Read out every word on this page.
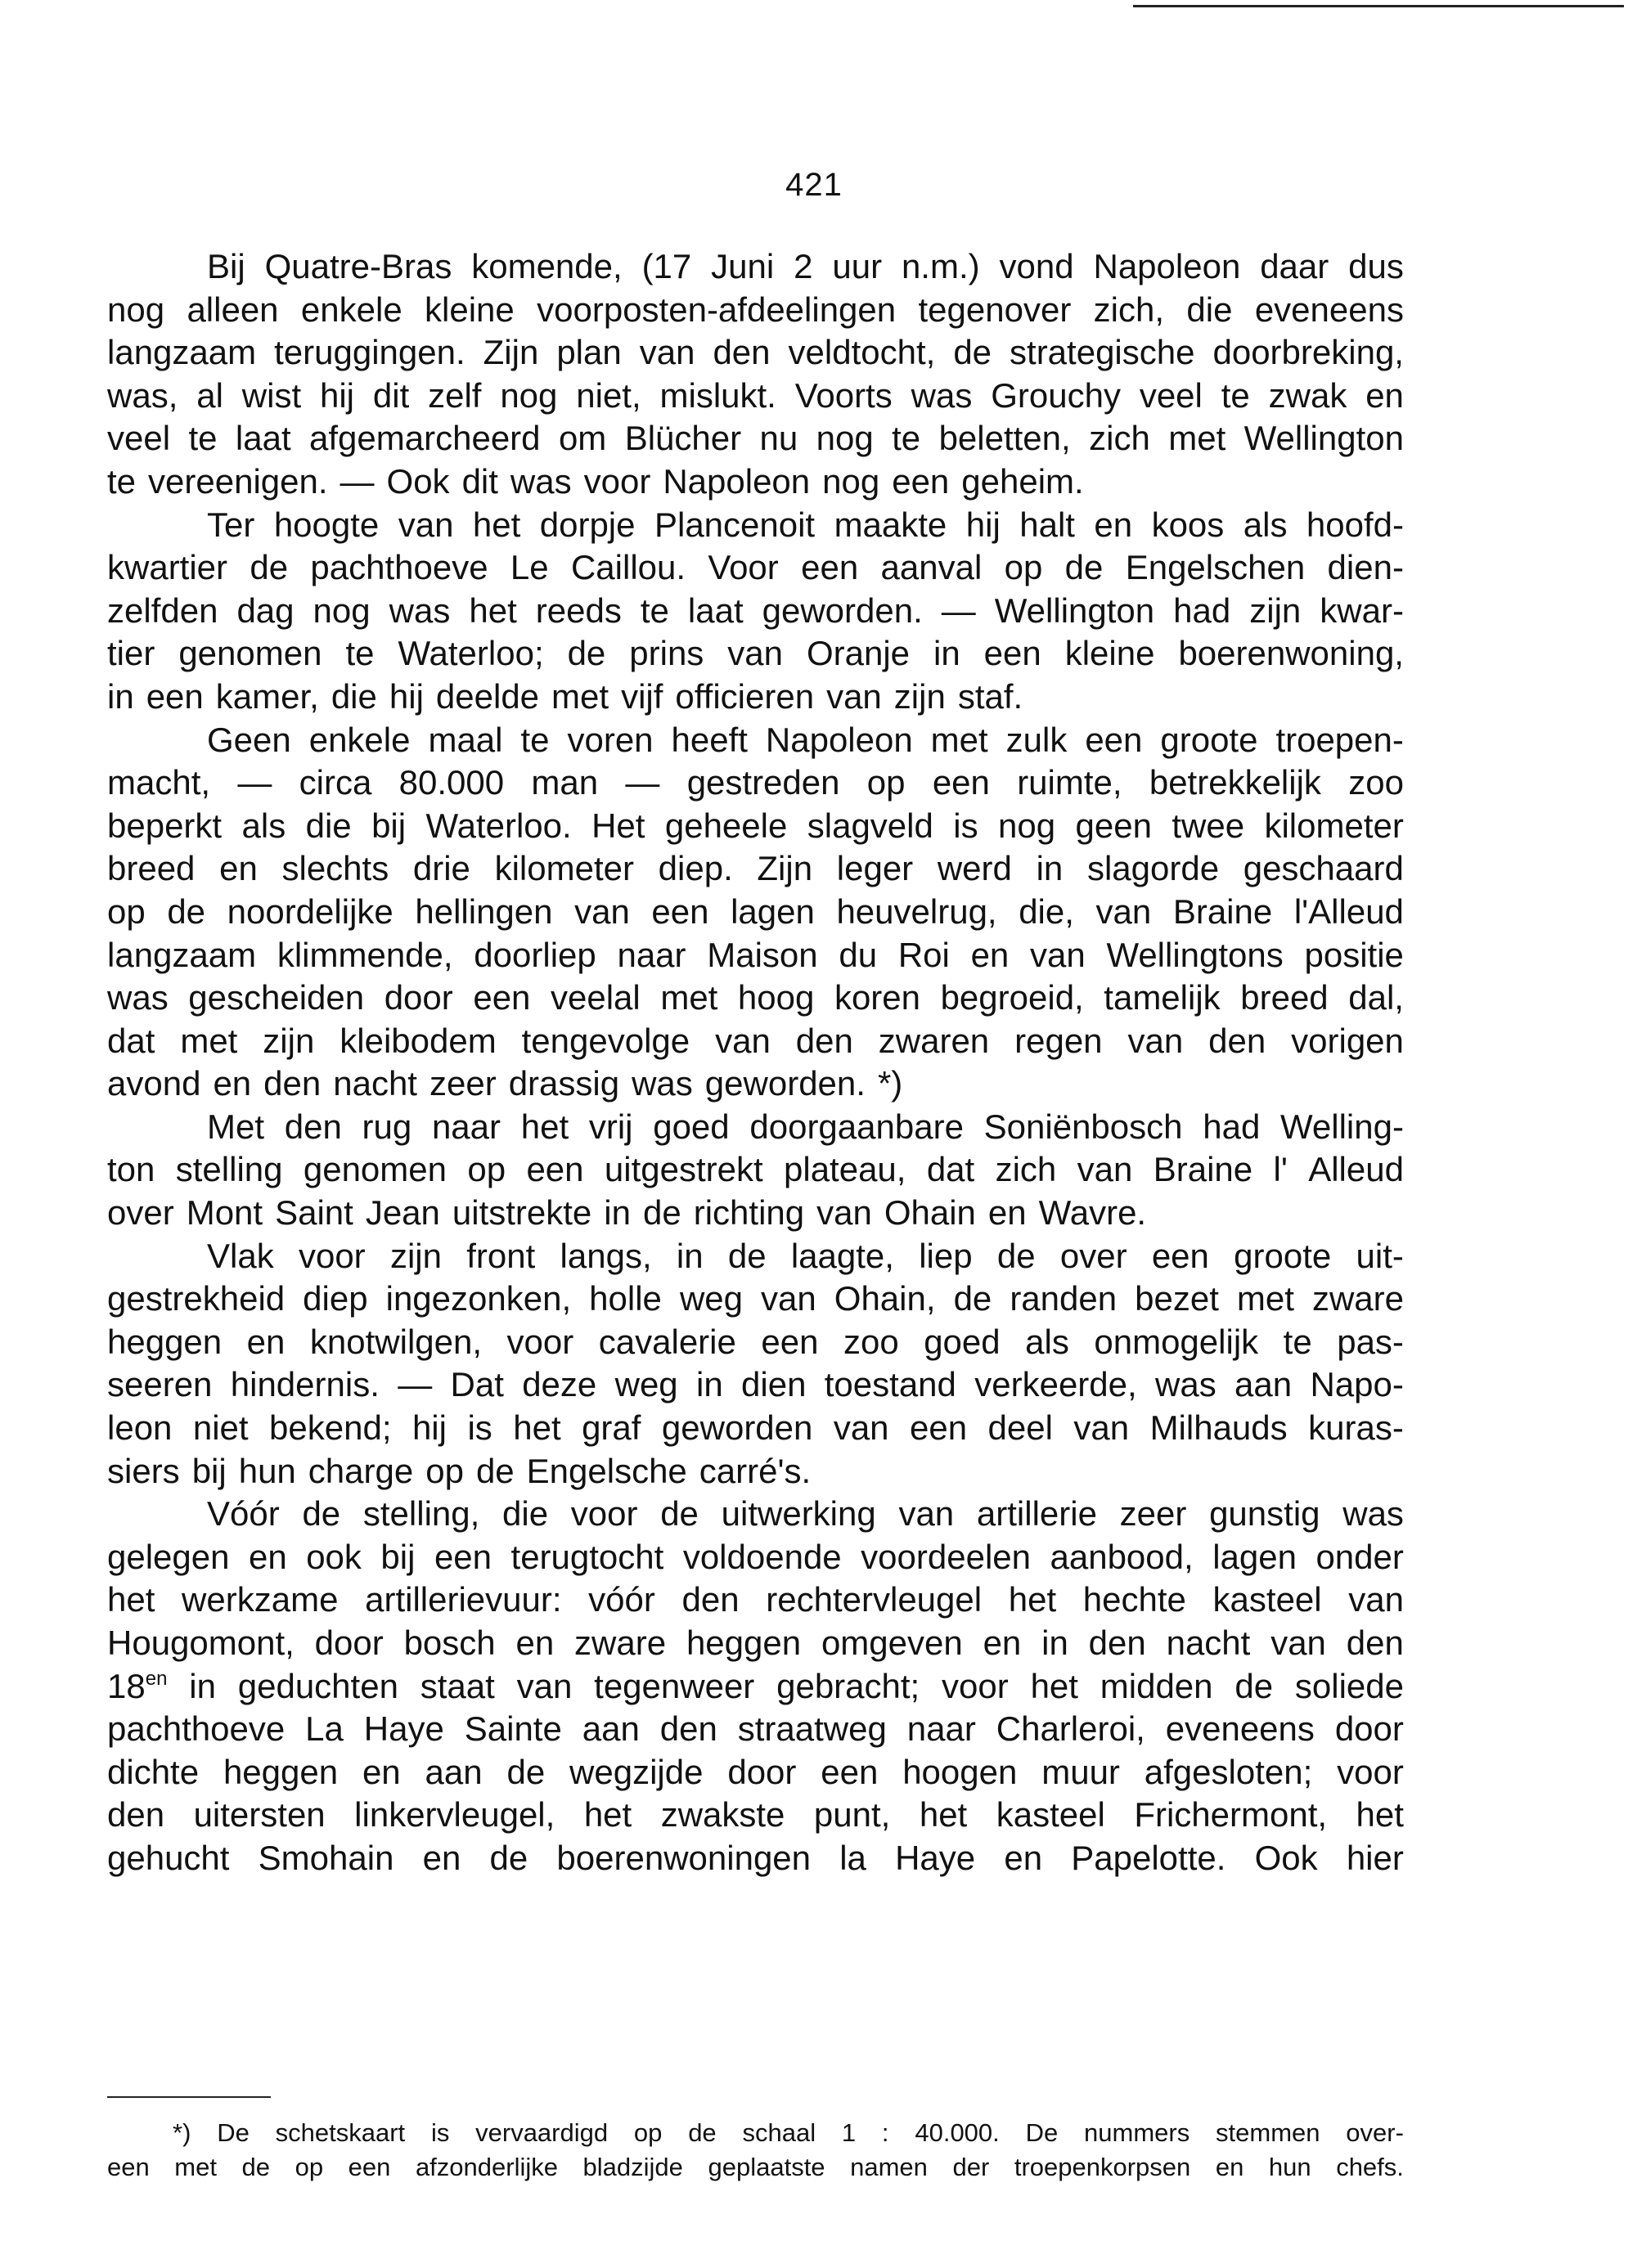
421
Bij Quatre-Bras komende, (17 Juni 2 uur n.m.) vond Napoleon daar dus
nog alleen enkele kleine voorposten-afdeelingen tegenover zich, die eveneens
langzaam teruggingen. Zijn plan van den veldtocht, de strategische doorbreking,
was, al wist hij dit zelf nog niet, mislukt. Voorts was Grouchy veel te zwak en
veel te laat afgemarcheerd om Blücher nu nog te beletten, zich met Wellington
te vereenigen. — Ook dit was voor Napoleon nog een geheim.
Ter hoogte van het dorpje Plancenoit maakte hij halt en koos als hoofd-
kwartier de pachthoeve Le Caillou. Voor een aanval op de Engelschen dien-
zelfden dag nog was het reeds te laat geworden. — Wellington had zijn kwar-
tier genomen te Waterloo; de prins van Oranje in een kleine boerenwoning,
in een kamer, die hij deelde met vijf officieren van zijn staf.
Geen enkele maal te voren heeft Napoleon met zulk een groote troepen-
macht, — circa 80.000 man — gestreden op een ruimte, betrekkelijk zoo
beperkt als die bij Waterloo. Het geheele slagveld is nog geen twee kilometer
breed en slechts drie kilometer diep. Zijn leger werd in slagorde geschaard
op de noordelijke hellingen van een lagen heuvelrug, die, van Braine l'Alleud
langzaam klimmende, doorliep naar Maison du Roi en van Wellingtons positie
was gescheiden door een veelal met hoog koren begroeid, tamelijk breed dal,
dat met zijn kleibodem tengevolge van den zwaren regen van den vorigen
avond en den nacht zeer drassig was geworden. *)
Met den rug naar het vrij goed doorgaanbare Soniënbosch had Welling-
ton stelling genomen op een uitgestrekt plateau, dat zich van Braine l' Alleud
over Mont Saint Jean uitstrekte in de richting van Ohain en Wavre.
Vlak voor zijn front langs, in de laagte, liep de over een groote uit-
gestrekheid diep ingezonken, holle weg van Ohain, de randen bezet met zware
heggen en knotwilgen, voor cavalerie een zoo goed als onmogelijk te pas-
seeren hindernis. — Dat deze weg in dien toestand verkeerde, was aan Napo-
leon niet bekend; hij is het graf geworden van een deel van Milhauds kuras-
siers bij hun charge op de Engelsche carré's.
Vóór de stelling, die voor de uitwerking van artillerie zeer gunstig was
gelegen en ook bij een terugtocht voldoende voordeelen aanbood, lagen onder
het werkzame artillerievuur: vóór den rechtervleugel het hechte kasteel van
Hougomont, door bosch en zware heggen omgeven en in den nacht van den
$18^{en}$ in geduchten staat van tegenweer gebracht; voor het midden de soliede
pachthoeve La Haye Sainte aan den straatweg naar Charleroi, eveneens door
dichte heggen en aan de wegzijde door een hoogen muur afgesloten; voor
den uitersten linkervleugel, het zwakste punt, het kasteel Frichermont, het
gehucht Smohain en de boerenwoningen la Haye en Papelotte. Ook hier
*) De schetskaart is vervaardigd op de schaal 1 : 40.000. De nummers stemmen over-
een met de op een afzonderlijke bladzijde geplaatste namen der troepenkorpsen en hun chefs.
